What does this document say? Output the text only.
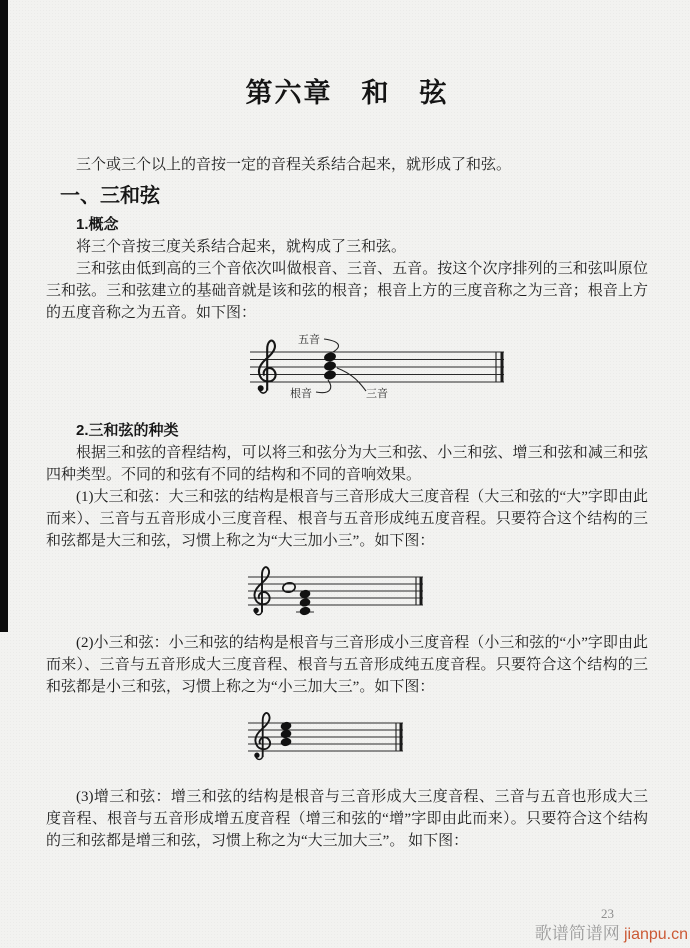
第六章　和　弦

三个或三个以上的音按一定的音程关系结合起来，就形成了和弦。

一、三和弦
1.概念

将三个音按三度关系结合起来，就构成了三和弦。

三和弦由低到高的三个音依次叫做根音、三音、五音。按这个次序排列的三和弦叫原位三和弦。三和弦建立的基础音就是该和弦的根音；根音上方的三度音称之为三音；根音上方的五度音称之为五音。如下图：

五音
根音	三音
2.三和弦的种类

根据三和弦的音程结构，可以将三和弦分为大三和弦、小三和弦、增三和弦和减三和弦四种类型。不同的和弦有不同的结构和不同的音响效果。

(1)大三和弦：大三和弦的结构是根音与三音形成大三度音程（大三和弦的“大”字即由此而来）、三音与五音形成小三度音程、根音与五音形成纯五度音程。只要符合这个结构的三和弦都是大三和弦，习惯上称之为“大三加小三”。如下图：

(2)小三和弦：小三和弦的结构是根音与三音形成小三度音程（小三和弦的“小”字即由此而来）、三音与五音形成大三度音程、根音与五音形成纯五度音程。只要符合这个结构的三和弦都是小三和弦，习惯上称之为“小三加大三”。如下图：

(3)增三和弦：增三和弦的结构是根音与三音形成大三度音程、三音与五音也形成大三度音程、根音与五音形成增五度音程（增三和弦的“增”字即由此而来）。只要符合这个结构的三和弦都是增三和弦，习惯上称之为“大三加大三”。 如下图：

23
歌谱简谱网 jianpu.cn
